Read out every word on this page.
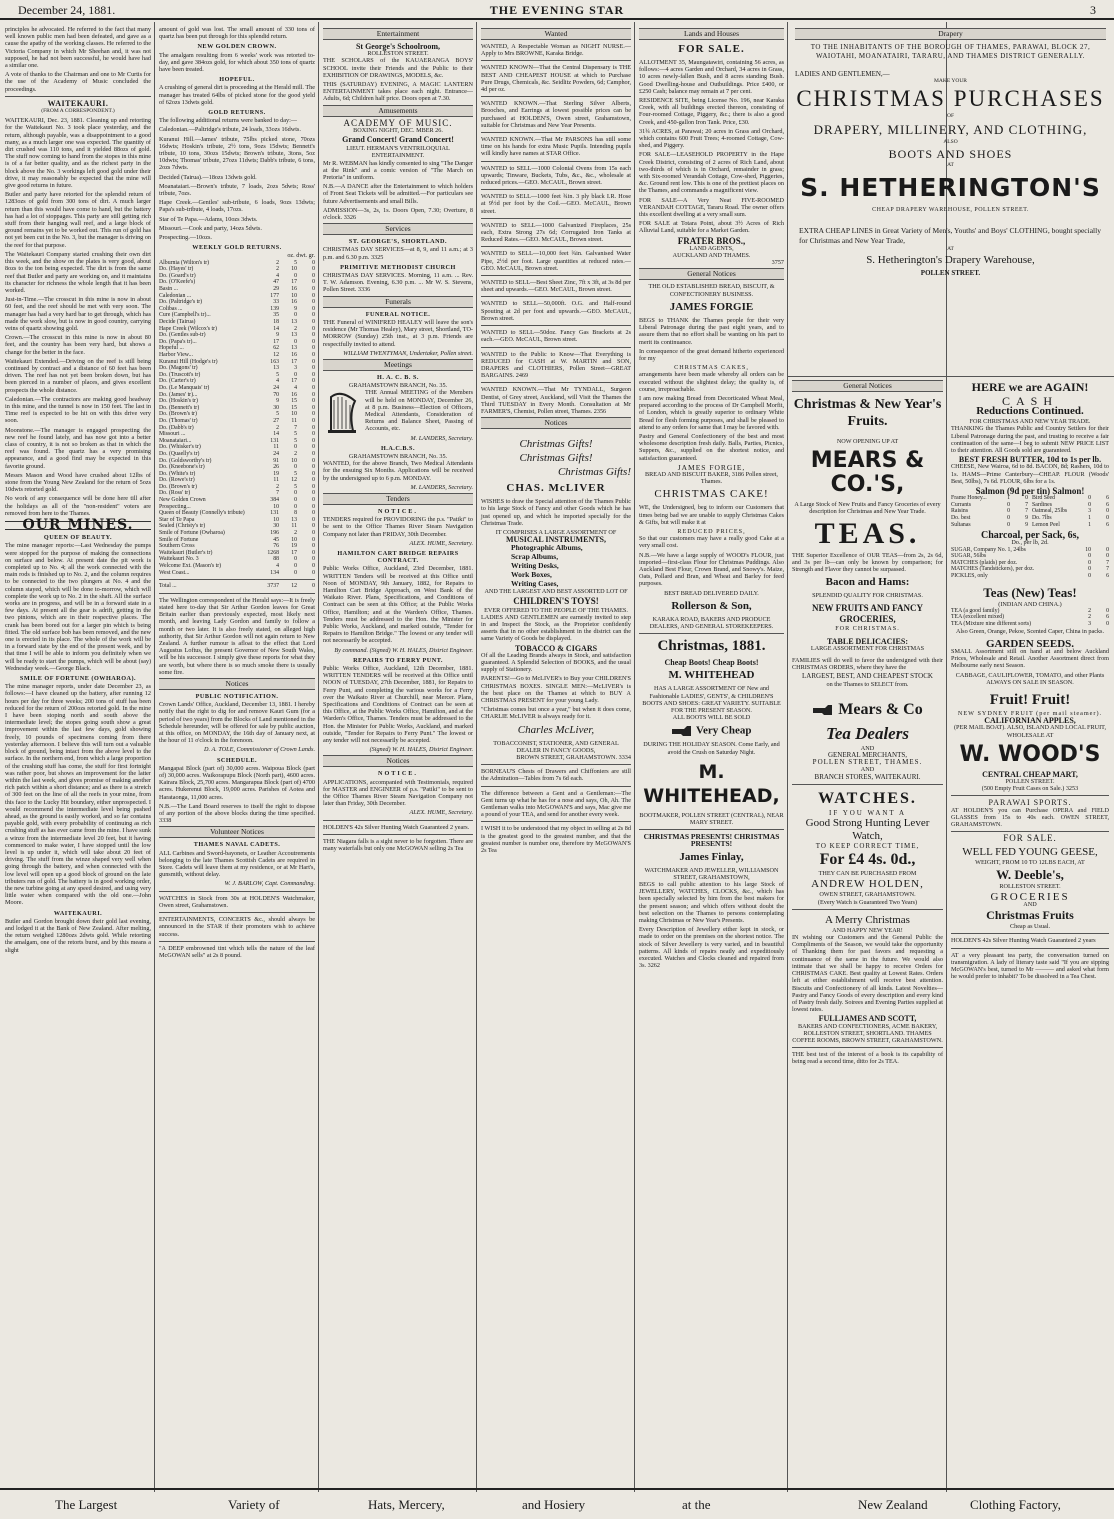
December 24, 1881.	THE EVENING STAR	3

principles he advocated. He referred to the fact that many well known public men had been defeated, and gave as a cause the apathy of the working classes. He referred to the Victoria Company in which Mr Sheehan and, it was not supposed, he had not been successful, he would have had a similar one.

A vote of thanks to the Chairman and one to Mr Curtis for the use of the Academy of Music concluded the proceedings.

WAITEKAURI.
(FROM A CORRESPONDENT.)

WAITEKAURI, Dec. 23, 1881. Cleaning up and retorting for the Waitekauri No. 3 took place yesterday, and the return, although payable, was a disappointment to a good many, as a much larger one was expected. The quantity of dirt crushed was 110 tons, and it yielded 88ozs of gold. The stuff now coming to hand from the stopes in this mine is of a far better quality, and as the richest party in the block above the No. 3 workings left good gold under their drive, it may reasonably be expected that the mine will give good returns in future.

Butler and party have retorted for the splendid return of 1283ozs of gold from 300 tons of dirt. A much larger return than this would have come to hand, but the battery has had a lot of stoppages. This party are still getting rich stuff from their hanging wall reef, and a large block of ground remains yet to be worked out. This run of gold has not yet been cut in the No. 3, but the manager is driving on the reef for that purpose.

The Waitekauri Company started crushing their own dirt this week, and the show on the plates is very good, about 8ozs to the ton being expected. The dirt is from the same reef that Butler and party are working on, and it maintains its character for richness the whole length that it has been worked.

Just-in-Time.—The crosscut in this mine is now in about 60 feet, and the reef should be met with very soon. The manager has had a very hard bar to get through, which has made the work slow, but is now in good country, carrying veins of quartz showing gold.

Crown.—The crosscut in this mine is now in about 80 feet, and the country has been very hard, but shows a change for the better in the face.

Waitekauri Extended.—Driving on the reef is still being continued by contract and a distance of 60 feet has been driven. The reef has not yet been broken down, but has been pierced in a number of places, and gives excellent prospects the whole distance.

Caledonian.—The contractors are making good headway in this mine, and the tunnel is now in 150 feet. The last in Time reef is expected to be hit on with this drive very soon.

Moonstone.—The manager is engaged prospecting the new reef he found lately, and has now got into a better class of country, it is not so broken as that in which the reef was found. The quartz has a very promising appearance, and a good find may be expected in this favorite ground.

Messrs Mason and Wood have crushed about 12lbs of stone from the Young New Zealand for the return of 5ozs 10dwts retorted gold.

No work of any consequence will be done here till after the holidays as all of the "non-resident" voters are removed from here to the Thames.

OUR MINES.
QUEEN OF BEAUTY.

The mine manager reports:—Last Wednesday the pumps were stopped for the purpose of making the connections on surface and below. At present date the pit work is completed up to No. 4; all the work connected with the main rods is finished up to No. 2, and the column requires to be connected to the two plungers at No. 4 and the column stayed, which will be done to-morrow, which will complete the work up to No. 2 in the shaft. All the surface works are in progress, and will be in a forward state in a few days. At present all the gear is adrift, getting in the two pinions, which are in their respective places. The crank has been bored out for a larger pin which is being fitted. The old surface bob has been removed, and the new one is erected in its place. The whole of the work will be in a forward state by the end of the present week, and by that time I will be able to inform you definitely when we will be ready to start the pumps, which will be about (say) Wednesday week.—George Black.

SMILE OF FORTUNE (OWHAROA).

The mine manager reports, under date December 23, as follows:—I have cleaned up the battery, after running 12 hours per day for three weeks; 200 tons of stuff has been reduced for the return of 200ozs retorted gold. In the mine I have been stoping north and south above the intermediate level; the stopes going south show a great improvement within the last few days, gold showing freely, 10 pounds of specimens coming from there yesterday afternoon. I believe this will turn out a valuable block of ground, being intact from the above level to the surface. In the northern end, from which a large proportion of the crushing stuff has come, the stuff for first fortnight was rather poor, but shows an improvement for the latter within the last week, and gives promise of making another rich patch within a short distance; and as there is a stretch of 300 feet on the line of all the reefs in your mine, from this face to the Lucky Hit boundary, either unprospected. I would recommend the intermediate level being pushed ahead, as the ground is easily worked, and so far contains payable gold, with every probability of continuing as rich crushing stuff as has ever came from the mine. I have sunk a winze from the intermediate level 20 feet, but it having commenced to make water, I have stopped until the low level is up under it, which will take about 20 feet of driving. The stuff from the winze shaped very well when going through the battery, and when connected with the low level will open up a good block of ground on the late tributers run of gold. The battery is in good working order, the new turbine going at any speed desired, and using very little water when compared with the old one.—John Moore.

WAITEKAURI.

Butler and Gordon brought down their gold last evening, and lodged it at the Bank of New Zealand. After melting, the return weighed 1280ozs 2dwts gold. While retorting the amalgam, one of the retorts burst, and by this means a slight

amount of gold was lost. The small amount of 330 tons of quartz has been put through for this splendid return.

NEW GOLDEN CROWN.

The amalgam resulting from 6 weeks' work was retorted to-day, and gave 384ozs gold, for which about 350 tons of quartz have been treated.

HOPEFUL.

A crushing of general dirt is proceeding at the Herald mill. The manager has treated 64lbs of picked stone for the good yield of 62ozs 13dwts gold.

GOLD RETURNS.

The following additional returns were banked to day:—

Caledonian.—Paltridge's tribute, 24 loads, 33ozs 16dwts.

Kuranui Hill.—James' tribute, 75lbs picked stone, 70ozs 16dwts; Hoskin's tribute, 2½ tons, 9ozs 15dwts; Bennett's tribute, 10 tons, 30ozs 15dwts; Brown's tribute, 3tons, 5oz 10dwts; Thomas' tribute, 27ozs 11dwts; Dabb's tribute, 6 tons, 2ozs 7dwts.

Decided (Tairua).—18ozs 13dwts gold.

Moanataiari.—Brown's tribute, 7 loads, 2ozs 5dwts; Ross' tribute, 7ozs.

Hape Creek.—Gentles' sub-tribute, 6 loads, 9ozs 13dwts; Papa's sub-tribute, 4 loads, 17ozs.

Star of Te Papa.—Adams, 10ozs 3dwts.

Missouri.—Cook and party, 14ozs 5dwts.

Prospecting.—10ozs.

WEEKLY GOLD RETURNS.
oz. dwt. gr.
Alburnia (Wilton's tr)	2	5	0
Do. (Hayes' tr)	2	10	0
Do. (Goard's tr)	4	0	0
Do. (O'Keefe's)	47	17	0
Basin ...	29	16	0
Caledonian ...	177	10	0
Do. (Paltridge's tr)	33	16	0
Colibas ...	139	9	0
Cure (Campbell's tr)...	35	0	0
Decide (Tairua)	18	13	0
Hape Creek (Wilcox's tr)	14	2	0
Do. (Gentles sub-tr)	9	13	0
Do. (Papa's tr)...	17	0	0
Hopeful ...	62	13	0
Harbor View...	12	16	0
Kuranui Hill (Hodge's tr)	163	17	0
Do. (Magons' tr)	13	3	0
Do. (Truscott's tr)	5	0	0
Do. (Carter's tr)	4	17	0
Do. (Le Manquais' tr)	24	4	0
Do. (James' tr)...	70	16	0
Do. (Hoskin's tr)	9	15	0
Do. (Bennett's tr)	30	15	0
Do. (Brown's tr)	5	10	0
Do. (Thomas' tr)	27	11	0
Do. (Dabb's tr)	2	7	0
Missouri ...	14	5	0
Moanataiari...	131	5	0
Do. (Whisker's tr)	11	0	0
Do. (Quaelly's tr)	24	2	0
Do. (Goldsworthy's tr)	91	10	0
Do. (Kneebone's tr)	26	0	0
Do. (White's tr)	19	5	0
Do. (Rowe's tr)	11	12	0
Do. (Brown's tr)	2	5	0
Do. (Ross' tr)	7	0	0
New Golden Crown	384	0	0
Prospecting...	10	0	0
Queen of Beauty (Connelly's tribute)	131	8	0
Star of Te Papa	10	13	0
Sealed (Christy's tr)	30	11	0
Smile of Fortune (Owharoa)	196	2	0
Smile of Fortune	45	10	0
Southern Cross	76	19	0
Waitekauri (Butler's tr)	1268	17	0
Waitekauri No. 3	88	0	0
Welcome Ext. (Mason's tr)	4	0	0
West Coast...	134	0	0
Total ...	3737	12	0

The Wellington correspondent of the Herald says:—It is freely stated here to-day that Sir Arthur Gordon leaves for Great Britain earlier than previously expected, most likely next month, and leaving Lady Gordon and family to follow a month or two later. It is also freely stated, on alleged high authority, that Sir Arthur Gordon will not again return to New Zealand. A further rumour is afloat to the effect that Lord Augustus Loftus, the present Governor of New South Wales, will be his successor. I simply give these reports for what they are worth, but where there is so much smoke there is usually some fire.

Notices
PUBLIC NOTIFICATION.

Crown Lands' Office, Auckland, December 13, 1881. I hereby notify that the right to dig for and remove Kauri Gum (for a period of two years) from the Blocks of Land mentioned in the Schedule hereunder, will be offered for sale by public auction, at this office, on MONDAY, the 16th day of January next, at the hour of 11 o'clock in the forenoon.

D. A. TOLE, Commissioner of Crown Lands.
SCHEDULE.

Mangapai Block (part of) 30,000 acres. Waipoua Block (part of) 30,000 acres. Waikorapupu Block (North part), 4600 acres. Kairara Block, 25,700 acres. Mangarapua Block (part of) 4700 acres. Hukerenui Block, 19,000 acres. Parishes of Aotea and Harataonga, 11,000 acres.

N.B.—The Land Board reserves to itself the right to dispose of any portion of the above blocks during the time specified. 3338

Volunteer Notices
THAMES NAVAL CADETS.

ALL Carbines and Sword-bayonets, or Leather Accoutrements belonging to the late Thames Scottish Cadets are required in Store. Cadets will leave them at my residence, or at Mr Hart's, gunsmith, without delay.

W. J. BARLOW, Capt. Commanding.

WATCHES in Stock from 30s at HOLDEN'S Watchmaker, Owen street, Grahamstown.

ENTERTAINMENTS, CONCERTS &c., should always be announced in the STAR if their promoters wish to achieve success.

"A DEEP embrowned tint which tells the nature of the leaf McGOWAN sells" at 2s 8 pound.

Entertainment
St George's Schoolroom,
ROLLESTON STREET.

THE SCHOLARS of the KAUAERANGA BOYS' SCHOOL invite their Friends and the Public to their EXHIBITION OF DRAWINGS, MODELS, &c.

THIS (SATURDAY) EVENING, A MAGIC LANTERN ENTERTAINMENT takes place each night. Entrance—Adults, 6d; Children half price. Doors open at 7.30.

Amusements
ACADEMY OF MUSIC.
BOXING NIGHT, DEC. MBER 26.
Grand Concert! Grand Concert!

LIEUT. HERMAN'S VENTRILOQUIAL ENTERTAINMENT.

Mr R. WEBMAN has kindly consented to sing "The Danger at the Rink" and a comic version of "The March on Pretoria" in uniform.

N.B.—A DANCE after the Entertainment to which holders of Front Seat Tickets will be admitted.—For particulars see future Advertisements and small Bills.

ADMISSION—3s, 2s, 1s. Doors Open, 7.30; Overture, 8 o'clock. 3326

Services
ST. GEORGE'S, SHORTLAND.

CHRISTMAS DAY SERVICES—at 8, 9, and 11 a.m.; at 3 p.m. and 6.30 p.m. 3325

PRIMITIVE METHODIST CHURCH

CHRISTMAS DAY SERVICES. Morning, 11 a.m. ... Rev. T. W. Adamson. Evening, 6.30 p.m. ... Mr W. S. Stevens, Pollen Street. 3336

Funerals
FUNERAL NOTICE.

THE Funeral of WINIFRED HEALEY will leave the son's residence (Mr Thomas Healey), Mary street, Shortland, TO-MORROW (Sunday) 25th inst., at 3 p.m. Friends are respectfully invited to attend.

WILLIAM TWENTYMAN, Undertaker, Pollen street.
Meetings
H. A. C. B. S.
GRAHAMSTOWN BRANCH, No. 35.

THE Annual MEETING of the Members will be held on MONDAY, December 26, at 8 p.m. Business—Election of Officers, Medical Attendants, Consideration of Returns and Balance Sheet, Passing of Accounts, etc.

M. LANDERS, Secretary.
H.A.C.B.S.
GRAHAMSTOWN BRANCH, No. 35.

WANTED, for the above Branch, Two Medical Attendants for the ensuing Six Months. Applications will be received by the undersigned up to 6 p.m. MONDAY.

M. LANDERS, Secretary.
Tenders
NOTICE.

TENDERS required for PROVIDORING the p.s. "Patiki" to be sent to the Office Thames River Steam Navigation Company not later than FRIDAY, 30th December.

ALEX. HUME, Secretary.
HAMILTON CART BRIDGE REPAIRS CONTRACT.

Public Works Office, Auckland, 23rd December, 1881. WRITTEN Tenders will be received at this Office until Noon of MONDAY, 9th January, 1882, for Repairs to Hamilton Cart Bridge Approach, on West Bank of the Waikato River. Plans, Specifications, and Conditions of Contract can be seen at this Office; at the Public Works Office, Hamilton; and at the Warden's Office, Thames. Tenders must be addressed to the Hon. the Minister for Public Works, Auckland, and marked outside, "Tender for Repairs to Hamilton Bridge." The lowest or any tender will not necessarily be accepted.

By command. (Signed) W. H. HALES, District Engineer.
REPAIRS TO FERRY PUNT.

Public Works Office, Auckland, 12th December, 1881. WRITTEN TENDERS will be received at this Office until NOON of TUESDAY, 27th December, 1881, for Repairs to Ferry Punt, and completing the various works for a Ferry over the Waikato River at Churchill, near Mercer. Plans, Specifications and Conditions of Contract can be seen at this Office, at the Public Works Office, Hamilton, and at the Warden's Office, Thames. Tenders must be addressed to the Hon. the Minister for Public Works, Auckland, and marked outside, "Tender for Repairs to Ferry Punt." The lowest or any tender will not necessarily be accepted.

(Signed) W. H. HALES, District Engineer.
Notices
NOTICE.

APPLICATIONS, accompanied with Testimonials, required for MASTER and ENGINEER of p.s. "Patiki" to be sent to the Office Thames River Steam Navigation Company not later than Friday, 30th December.

ALEX. HUME, Secretary.

HOLDEN'S 42s Silver Hunting Watch Guaranteed 2 years.

THE Niagara falls is a sight never to be forgotten. There are many waterfalls but only one McGOWAN selling 2s Tea

Wanted

WANTED, A Respectable Woman as NIGHT NURSE.—Apply to Mrs BROWNE, Karaka Bridge.

WANTED KNOWN—That the Central Dispensary is THE BEST AND CHEAPEST HOUSE at which to Purchase Pure Drugs, Chemicals, &c. Seidlitz Powders, 6d; Camphor, 4d per oz.

WANTED KNOWN.—That Sterling Silver Alberts, Brooches, and Earrings at lowest possible prices can be purchased at HOLDEN'S, Owen street, Grahamstown, suitable for Christmas and New Year Presents.

WANTED KNOWN.—That Mr PARSONS has still some time on his hands for extra Music Pupils. Intending pupils will kindly have names at STAR Office.

WANTED to SELL—1000 Colonial Ovens from 15s each upwards; Tinware, Buckets, Tubs, &c., &c., wholesale at reduced prices.—GEO. McCAUL, Brown street.

WANTED to SELL—1000 feet ¾in. 3 ply black I.R. Hose at 9½d per foot by the Coil.—GEO. McCAUL, Brown street.

WANTED to SELL—1000 Galvanized Fireplaces, 25s each, Extra Strong 27s 6d; Corrugated Iron Tanks at Reduced Rates.—GEO. McCAUL, Brown street.

WANTED to SELL—10,000 feet ¾in. Galvanised Water Pipe, 2½d per foot. Large quantities at reduced rates.—GEO. McCAUL, Brown street.

WANTED to SELL—Best Sheet Zinc, 7ft x 3ft, at 3s 8d per sheet and upwards.—GEO. McCAUL, Brown street.

WANTED to SELL—50,000ft. O.G. and Half-round Spouting at 2d per foot and upwards.—GEO. McCAUL, Brown street.

WANTED to SELL—50doz. Fancy Gas Brackets at 2s each.—GEO. McCAUL, Brown street.

WANTED to the Public to Know—That Everything is REDUCED for CASH at W. MARTIN and SON, DRAPERS and CLOTHIERS, Pollen Street—GREAT BARGAINS. 2469

WANTED KNOWN.—That Mr TYNDALL, Surgeon Dentist, of Grey street, Auckland, will Visit the Thames the Third TUESDAY in Every Month. Consultation at Mr FARMER'S, Chemist, Pollen street, Thames. 2356

Notices
Christmas Gifts!
Christmas Gifts!
Christmas Gifts!
CHAS. McLIVER

WISHES to draw the Special attention of the Thames Public to his large Stock of Fancy and other Goods which he has just opened up, and which he imported specially for the Christmas Trade.

IT COMPRISES A LARGE ASSORTMENT OF

MUSICAL INSTRUMENTS,
Photographic Albums,
Scrap Albums,
Writing Desks,
Work Boxes,
Writing Cases,

AND THE LARGEST AND BEST ASSORTED LOT OF

CHILDREN'S TOYS!

EVER OFFERED TO THE PEOPLE OF THE THAMES.

LADIES AND GENTLEMEN are earnestly invited to step in and Inspect the Stock, as the Proprietor confidently asserts that in no other establishment in the district can the same Variety of Goods be displayed.

TOBACCO & CIGARS

Of all the Leading Brands always in Stock, and satisfaction guaranteed. A Splendid Selection of BOOKS, and the usual supply of Stationery.

PARENTS!—Go to McLIVER's to Buy your CHILDREN'S CHRISTMAS BOXES. SINGLE MEN:—McLIVER's is the best place on the Thames at which to BUY A CHRISTMAS PRESENT for your young Lady.

"Christmas comes but once a year," but when it does come, CHARLIE McLIVER is always ready for it.

Charles McLiver,

TOBACCONIST, STATIONER, AND GENERAL DEALER IN FANCY GOODS,

BROWN STREET, GRAHAMSTOWN. 3334

BORNEAU'S Chests of Drawers and Chiffoniers are still the Admiration—Tables from 7s 6d each.

The difference between a Gent and a Gentleman:—The Gent turns up what he has for a nose and says, Oh, Ah. The Gentleman walks into McGOWAN'S and says, Mac give me a pound of your TEA, and send for another every week.

I WISH it to be understood that my object in selling at 2s 8d is the greatest good to the greatest number, and that the greatest number is number one, therefore try McGOWAN'S 2s Tea

Lands and Houses
FOR SALE.

ALLOTMENT 35, Maungatawiri, containing 56 acres, as follows:—4 acres Garden and Orchard, 34 acres in Grass, 10 acres newly-fallen Bush, and 8 acres standing Bush. Good Dwelling-house and Outbuildings. Price £400, or £250 Cash; balance may remain at 7 per cent.

RESIDENCE SITE, being License No. 196, near Karaka Creek, with all buildings erected thereon, consisting of Four-roomed Cottage, Piggery, &c.; there is also a good Creek, and 450-gallon Iron Tank. Price, £30.

31¾ ACRES, at Parawai; 20 acres in Grass and Orchard, which contains 600 Fruit Trees; 4-roomed Cottage, Cow-shed, and Piggery.

FOR SALE—LEASEHOLD PROPERTY in the Hape Creek District, consisting of 2 acres of Rich Land, about two-thirds of which is in Orchard, remainder in grass; with Six-roomed Verandah Cottage, Cow-shed, Piggeries, &c. Ground rent low. This is one of the prettiest places on the Thames, and commands a magnificent view.

FOR SALE—A Very Neat FIVE-ROOMED VERANDAH COTTAGE, Tararu Road. The owner offers this excellent dwelling at a very small sum.

FOR SALE at Totara Point, about 3½ Acres of Rich Alluvial Land, suitable for a Market Garden.

FRATER BROS.,
LAND AGENTS,
AUCKLAND AND THAMES.
3757
General Notices
THE OLD ESTABLISHED BREAD, BISCUIT, & CONFECTIONERY BUSINESS.
JAMES FORGIE

BEGS to THANK the Thames people for their very Liberal Patronage during the past eight years, and to assure them that no effort shall be wanting on his part to merit its continuance.

In consequence of the great demand hitherto experienced for my

CHRISTMAS CAKES,

arrangements have been made whereby all orders can be executed without the slightest delay; the quality is, of course, irreproachable.

I am now making Bread from Decorticated Wheat Meal, prepared according to the process of Dr Campbell Morfit, of London, which is greatly superior to ordinary White Bread for flesh forming purposes, and shall be pleased to attend to any orders for same that I may be favored with.

Pastry and General Confectionery of the best and most wholesome description fresh daily. Balls, Parties, Picnics, Suppers, &c., supplied on the shortest notice, and satisfaction guaranteed.

JAMES FORGIE,

BREAD AND BISCUIT BAKER, 3186 Pollen street, Thames.

CHRISTMAS CAKE!

WE, the Undersigned, beg to inform our Customers that times being bad we are unable to supply Christmas Cakes & Gifts, but will make it at

REDUCED PRICES,

So that our customers may have a really good Cake at a very small cost.

N.B.—We have a large supply of WOOD's FLOUR, just imported—first-class Flour for Christmas Puddings. Also Auckland Best Flour, Crown Brand, and Snowy's. Maize, Oats, Pollard and Bran, and Wheat and Barley for feed purposes.

BEST BREAD DELIVERED DAILY.

Rollerson & Son,

KARAKA ROAD, BAKERS AND PRODUCE DEALERS, AND GENERAL STOREKEEPERS.

Christmas, 1881.
Cheap Boots! Cheap Boots!
M. WHITEHEAD

HAS A LARGE ASSORTMENT OF New and Fashionable LADIES', GENTS', & CHILDREN'S BOOTS AND SHOES: GREAT VARIETY. SUITABLE FOR THE PRESENT SEASON.

ALL BOOTS WILL BE SOLD

Very Cheap

DURING THE HOLIDAY SEASON. Come Early, and avoid the Crush on Saturday Night.

M. WHITEHEAD,

BOOTMAKER, POLLEN STREET (CENTRAL), NEAR MARY STREET.

CHRISTMAS PRESENTS! CHRISTMAS PRESENTS!
James Finlay,

WATCHMAKER AND JEWELLER, WILLIAMSON STREET, GRAHAMSTOWN,

BEGS to call public attention to his large Stock of JEWELLERY, WATCHES, CLOCKS, &c., which has been specially selected by him from the best makers for the present season; and which offers without doubt the best selection on the Thames to persons contemplating making Christmas or New Year's Presents.

Every Description of Jewellery either kept in stock, or made to order on the premises on the shortest notice. The stock of Silver Jewellery is very varied, and in beautiful patterns. All kinds of repairs neatly and expeditiously executed. Watches and Clocks cleaned and repaired from 3s. 3262

Drapery

TO THE INHABITANTS OF THE BOROUGH OF THAMES, PARAWAI, BLOCK 27, WAIOTAHI, MOANATAIRI, TARARU, AND THAMES DISTRICT GENERALLY.

LADIES AND GENTLEMEN,—

MAKE YOUR

CHRISTMAS PURCHASES

OF

DRAPERY, MILLINERY, AND CLOTHING,

ALSO

BOOTS AND SHOES

AT

S. HETHERINGTON'S

CHEAP DRAPERY WAREHOUSE, POLLEN STREET.

EXTRA CHEAP LINES in Great Variety of Men's, Youths' and Boys' CLOTHING, bought specially for Christmas and New Year Trade,

AT

S. Hetherington's Drapery Warehouse,

POLLEN STREET.

General Notices
Christmas & New Year's Fruits.

NOW OPENING UP AT

MEARS & CO.'S,

A Large Stock of New Fruits and Fancy Groceries of every description for Christmas and New Year Trade.

TEAS.

THE Superior Excellence of OUR TEAS—from 2s, 2s 6d, and 3s per lb—can only be known by comparison; for Strength and Flavor they cannot be surpassed.

Bacon and Hams:

SPLENDID QUALITY FOR CHRISTMAS.

NEW FRUITS AND FANCY GROCERIES,

FOR CHRISTMAS.

TABLE DELICACIES:

LARGE ASSORTMENT FOR CHRISTMAS

FAMILIES will do well to favor the undersigned with their CHRISTMAS ORDERS, where they have the

LARGEST, BEST, AND CHEAPEST STOCK

on the Thames to SELECT from.

Mears & Co
Tea Dealers

AND

GENERAL MERCHANTS,

POLLEN STREET, THAMES.

AND

BRANCH STORES, WAITEKAURI.

WATCHES.

IF YOU WANT A

Good Strong Hunting Lever Watch,

TO KEEP CORRECT TIME,

For £4 4s. 0d.,

THEY CAN BE PURCHASED FROM

ANDREW HOLDEN,

OWEN STREET, GRAHAMSTOWN.

(Every Watch is Guaranteed Two Years)

A Merry Christmas

AND HAPPY NEW YEAR!

IN wishing our Customers and the General Public the Compliments of the Season, we would take the opportunity of Thanking them for past favors and requesting a continuance of the same in the future. We would also intimate that we shall be happy to receive Orders for CHRISTMAS CAKE. Best quality at Lowest Rates. Orders left at either establishment will receive best attention. Biscuits and Confectionery of all kinds. Latest Novelties—Pastry and Fancy Goods of every description and every kind of Pastry fresh daily. Soirees and Evening Parties supplied at lowest rates.

FULLJAMES AND SCOTT,

BAKERS AND CONFECTIONERS, ACME BAKERY, ROLLESTON STREET, SHORTLAND. THAMES COFFEE ROOMS, BROWN STREET, GRAHAMSTOWN.

THE best test of the interest of a book is its capability of being read a second time, ditto for 2s TEA.

HERE we are AGAIN!
CASH
Reductions Continued.

FOR CHRISTMAS AND NEW YEAR TRADE.

THANKING the Thames Public and Country Settlers for their Liberal Patronage during the past, and trusting to receive a fair continuation of the same—I beg to submit NEW PRICE LIST to their attention. All Goods sold are guaranteed.

BEST FRESH BUTTER, 10d to 1s per lb.

CHEESE, New Wairoa, 6d to 8d. BACON, 8d; Rashers, 10d to 1s. HAMS—Prime Canterbury—CHEAP. FLOUR (Woods' Best, 50lbs), 7s 6d. FLOUR, 6lbs for a 1s.

Salmon (9d per tin) Salmon!
Frame Honey...	1	0
Currants	0	7
Raisins	0	7
Do. best	0	9
Sultanas	0	9
Bird Seed	0	6
Sardines	0	6
Oatmeal, 25lbs	3	0
Do. 7lbs	1	0
Lemon Peel	1	6
Charcoal, per Sack, 6s,

Do., per lb, 2d.

SUGAR, Company No. 1, 24lbs	10	0
SUGAR, 56lbs	0	0
MATCHES (plaids) per doz.	0	7
MATCHES (Tandstickers), per doz.	0	7
PICKLES, only	0	6
Teas (New) Teas!

(INDIAN AND CHINA.)

TEA (a good family)	2	0
TEA (excellent mixed)	2	6
TEA (Mixture nine different sorts)	3	0

Also Green, Orange, Pekoe, Scented Caper, China in packs.

GARDEN SEEDS.

SMALL Assortment still on hand at and below Auckland Prices, Wholesale and Retail. Another Assortment direct from Melbourne early next Season.

CABBAGE, CAULIFLOWER, TOMATO, and other Plants ALWAYS ON SALE IN SEASON.

Fruit! Fruit!

NEW SYDNEY FRUIT (per mail steamer).

CALIFORNIAN APPLES,

(PER MAIL BOAT). ALSO, ISLAND AND LOCAL FRUIT, WHOLESALE AT

W. WOOD'S

CENTRAL CHEAP MART,

POLLEN STREET.

(500 Empty Fruit Cases on Sale.) 3253

PARAWAI SPORTS.

AT HOLDEN'S you can Purchase OPERA and FIELD GLASSES from 15s to 40s each. OWEN STREET, GRAHAMSTOWN.

FOR SALE.
WELL FED YOUNG GEESE,

WEIGHT, FROM 10 TO 12LBS EACH, AT

W. Deeble's,

ROLLESTON STREET.

GROCERIES

AND

Christmas Fruits

Cheap as Usual.

HOLDEN'S 42s Silver Hunting Watch Guaranteed 2 years

AT a very pleasant tea party, the conversation turned on transmigration. A lady of literary taste said "If you are sipping McGOWAN's best, turned to Mr ——— and asked what form he would prefer to inhabit? To be dissolved in a Tea Chest.

The Largest	Variety of	Hats, Mercery,	and Hosiery	at the	New Zealand	Clothing Factory,
